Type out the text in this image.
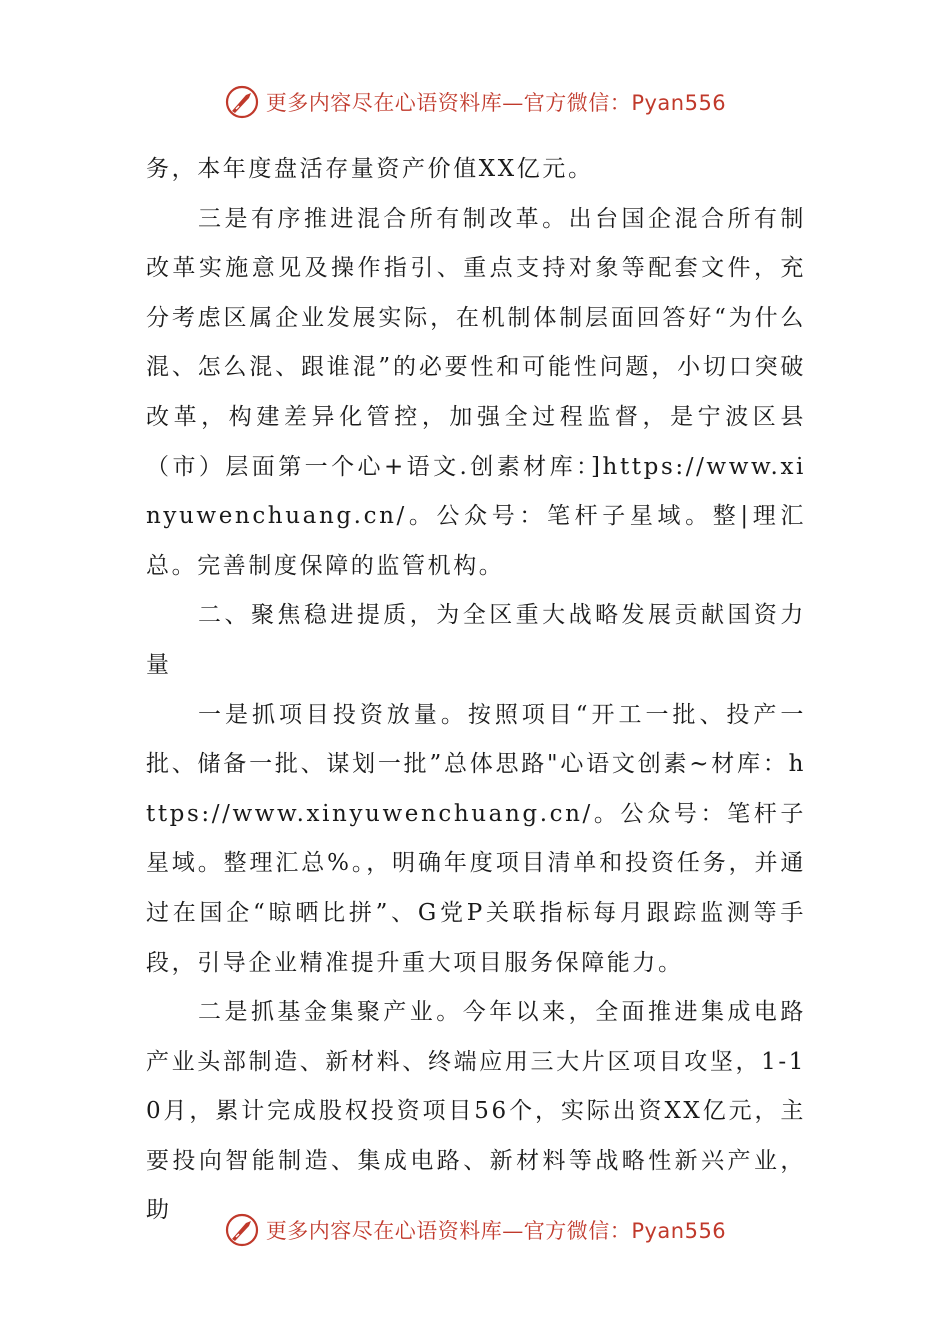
更多内容尽在心语资料库—官方微信：Pyan556

务，本年度盘活存量资产价值XX亿元。

三是有序推进混合所有制改革。出台国企混合所有制改革实施意见及操作指引、重点支持对象等配套文件，充分考虑区属企业发展实际，在机制体制层面回答好“为什么混、怎么混、跟谁混”的必要性和可能性问题，小切口突破改革，构建差异化管控，加强全过程监督，是宁波区县（市）层面第一个心+语文.创素材库：]https://www.xinyuwenchuang.cn/。公众号：笔杆子星域。整|理汇总。完善制度保障的监管机构。

二、聚焦稳进提质，为全区重大战略发展贡献国资力量

一是抓项目投资放量。按照项目“开工一批、投产一批、储备一批、谋划一批”总体思路"心语文创素~材库：https://www.xinyuwenchuang.cn/。公众号：笔杆子星域。整理汇总%。，明确年度项目清单和投资任务，并通过在国企“晾晒比拼”、G党P关联指标每月跟踪监测等手段，引导企业精准提升重大项目服务保障能力。

二是抓基金集聚产业。今年以来，全面推进集成电路产业头部制造、新材料、终端应用三大片区项目攻坚，1-10月，累计完成股权投资项目56个，实际出资XX亿元，主要投向智能制造、集成电路、新材料等战略性新兴产业，助

更多内容尽在心语资料库—官方微信：Pyan556
